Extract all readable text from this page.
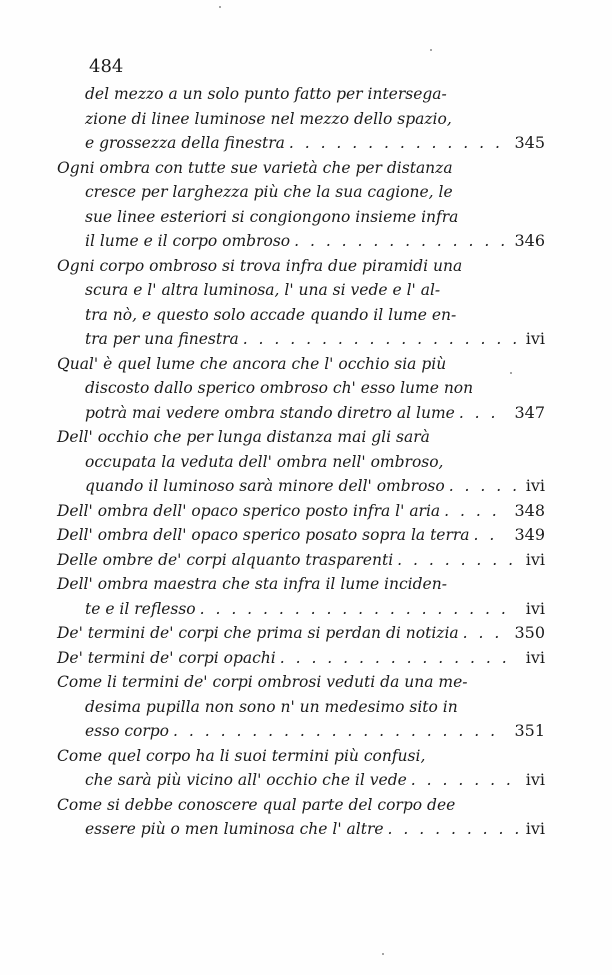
484
del mezzo a un solo punto fatto per intersega-
zione di linee luminose nel mezzo dello spazio,
e grossezza della finestra . . .	345
Ogni ombra con tutte sue varietà che per distanza
cresce per larghezza più che la sua cagione, le
sue linee esteriori si congiongono insieme infra
il lume e il corpo ombroso . . .	346
Ogni corpo ombroso si trova infra due piramidi una
scura e l' altra luminosa, l' una si vede e l' al-
tra nò, e questo solo accade quando il lume en-
tra per una finestra . . .	ivi
Qual' è quel lume che ancora che l' occhio sia più
discosto dallo sperico ombroso ch' esso lume non
potrà mai vedere ombra stando diretro al lume . . .	347
Dell' occhio che per lunga distanza mai gli sarà
occupata la veduta dell' ombra nell' ombroso,
quando il luminoso sarà minore dell' ombroso . . .	ivi
Dell' ombra dell' opaco sperico posto infra l' aria . . .	348
Dell' ombra dell' opaco sperico posato sopra la terra . . .	349
Delle ombre de' corpi alquanto trasparenti . . .	ivi
Dell' ombra maestra che sta infra il lume inciden-
te e il reflesso . . .	ivi
De' termini de' corpi che prima si perdan di notizia . . .	350
De' termini de' corpi opachi . . .	ivi
Come li termini de' corpi ombrosi veduti da una me-
desima pupilla non sono n' un medesimo sito in
esso corpo . . .	351
Come quel corpo ha li suoi termini più confusi,
che sarà più vicino all' occhio che il vede . . .	ivi
Come si debbe conoscere qual parte del corpo dee
essere più o men luminosa che l' altre . . .	ivi
